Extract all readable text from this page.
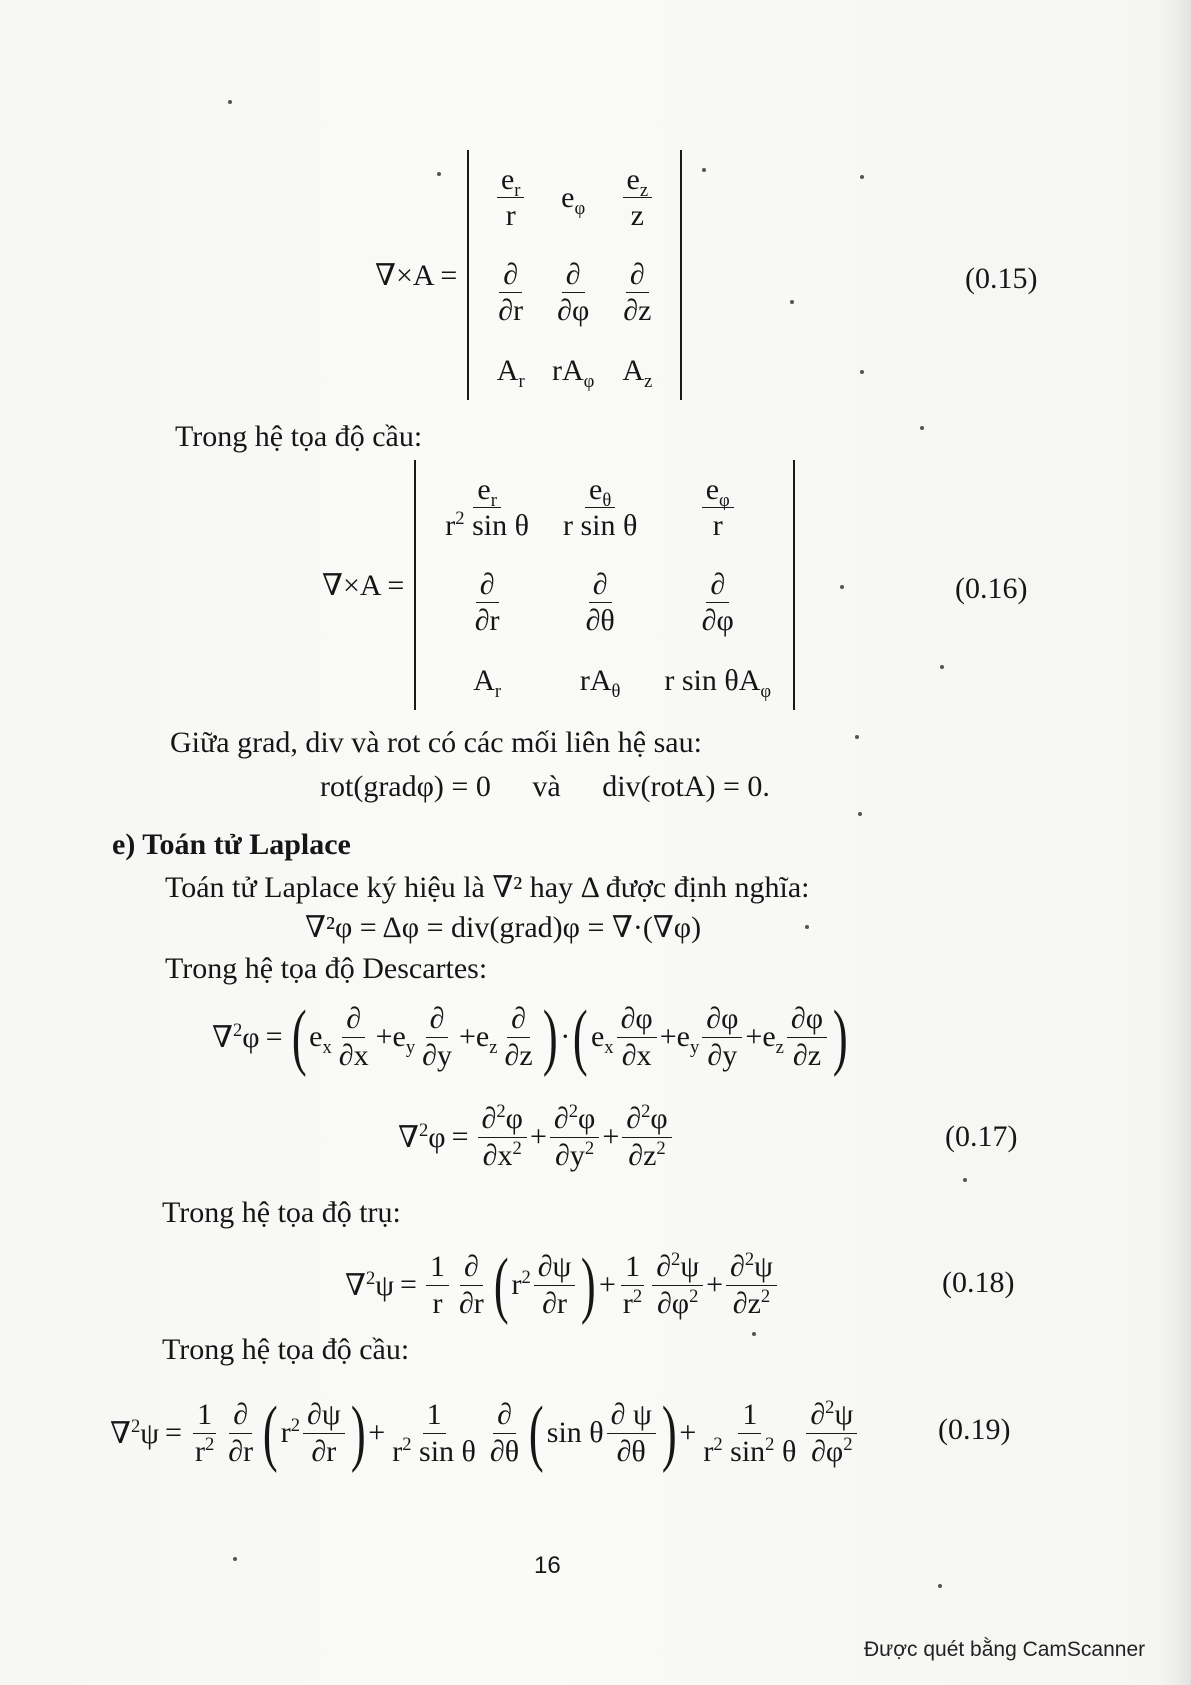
∇×A =
$\frac{e_r}{r}$	$e_\varphi$	$\frac{e_z}{z}$
$\frac{\partial}{\partial r} \frac{\partial}{\partial\varphi} \frac{\partial}{\partial z}$
$A_r$ $rA_\varphi$ $A_z$
(0.15)
Trong hệ tọa độ cầu:
∇×A =
$\frac{e_r}{r^2 \sin \theta} \frac{e_\theta}{\text{r sin θ}} \frac{e_\varphi}{r}$
$\frac{\partial}{\partial r}$	$\frac{\partial}{\partial\theta}$	$\frac{\partial}{\partial\varphi}$
$A_r$	$rA_\theta$	r $\sin \theta A_\varphi$
(0.16)
Giữa grad, div và rot có các mối liên hệ sau:
rot(gradφ) = 0 và div(rotA) = 0.
e) Toán tử Laplace
Toán tử Laplace ký hiệu là ∇² hay Δ được định nghĩa:
∇²φ = Δφ = div(grad)φ = ∇·(∇φ)
Trong hệ tọa độ Descartes:
∇$^2$φ = ( $e_x \frac{\partial}{\partial x} + e_y \frac{\partial}{\partial y} + e_z \frac{\partial}{\partial z}$ ) · ( $e_x \frac{\partial\varphi}{\partial x} + e_y \frac{\partial\varphi}{\partial y} + e_z \frac{\partial\varphi}{\partial z}$ )
$\nabla^2\varphi = \frac{\partial^2\varphi}{\partial x^2} + \frac{\partial^2\varphi}{\partial y^2} + \frac{\partial^2\varphi}{\partial z^2}$	(0.17)
Trong hệ tọa độ trụ:
$\nabla^2\psi = \frac{1}{r} \frac{\partial}{\partial r}$ ( $r^2 \frac{\partial\psi}{\partial r}$ ) + $\frac{1}{r^2} \frac{\partial^2\psi}{\partial\varphi^2} + \frac{\partial^2\psi}{\partial z^2}$	(0.18)
Trong hệ tọa độ cầu:
$\nabla^2\psi = \frac{1}{r^2} \frac{\partial}{\partial r}$ ( $r^2 \frac{\partial\psi}{\partial r}$ ) + $\frac{1}{r^2 \sin \theta} \frac{\partial}{\partial\theta}$ ( sin θ $\frac{\partial \psi}{\partial\theta}$ ) + $\frac{1}{r^2 \sin^2 \theta} \frac{\partial^2\psi}{\partial\varphi^2}$	(0.19)
16
Được quét bằng CamScanner
